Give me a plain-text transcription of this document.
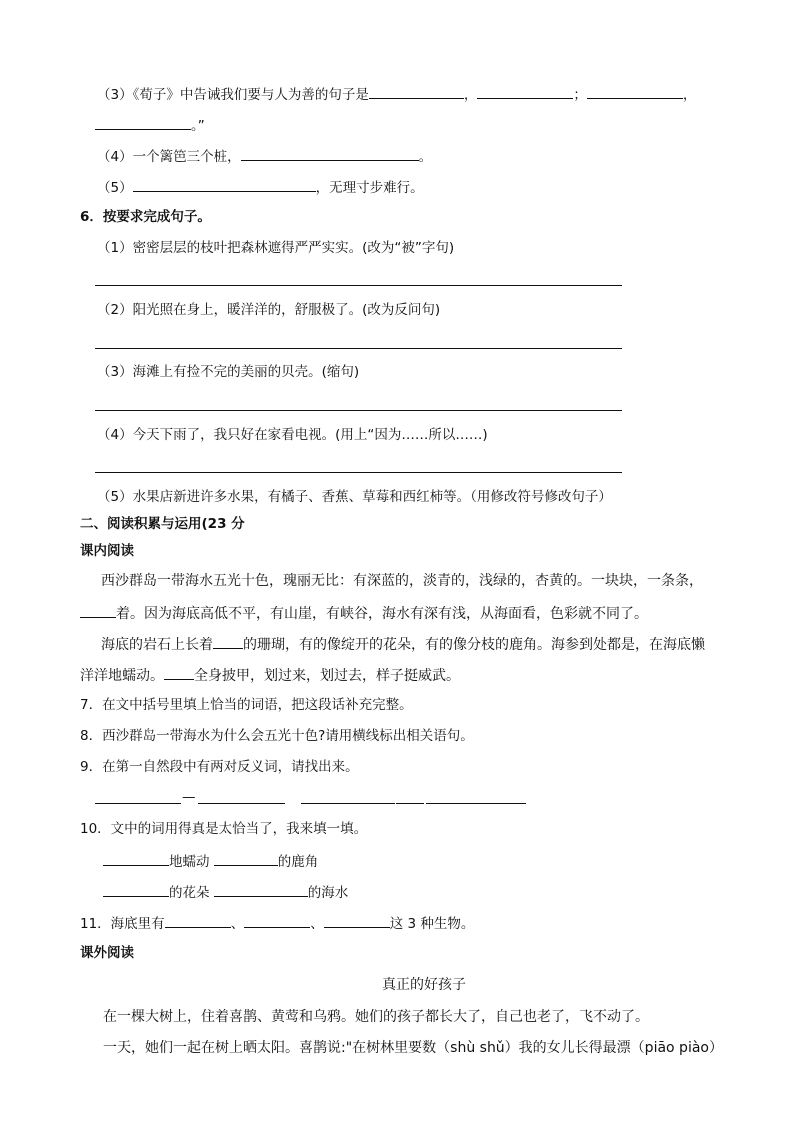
（3）《荀子》中告诫我们要与人为善的句子是	，	；	，
。”
（4）一个篱笆三个桩，	。
（5）	，无理寸步难行。
6．按要求完成句子。
（1）密密层层的枝叶把森林遮得严严实实。(改为“被”字句)
（2）阳光照在身上，暖洋洋的，舒服极了。(改为反问句)
（3）海滩上有捡不完的美丽的贝壳。(缩句)
（4）今天下雨了，我只好在家看电视。(用上“因为……所以……)
（5）水果店新进许多水果，有橘子、香蕉、草莓和西红柿等。（用修改符号修改句子）
二、阅读积累与运用(23 分
课内阅读
西沙群岛一带海水五光十色，瑰丽无比：有深蓝的，淡青的，浅绿的，杏黄的。一块块，一条条，
着。因为海底高低不平，有山崖，有峡谷，海水有深有浅，从海面看，色彩就不同了。
海底的岩石上长着 的珊瑚，有的像绽开的花朵，有的像分枝的鹿角。海参到处都是，在海底懒
洋洋地蠕动。 全身披甲，划过来，划过去，样子挺威武。
7．在文中括号里填上恰当的词语，把这段话补充完整。
8．西沙群岛一带海水为什么会五光十色?请用横线标出相关语句。
9．在第一自然段中有两对反义词，请找出来。
—
10．文中的词用得真是太恰当了，我来填一填。
地蠕动	的鹿角
的花朵	的海水
11．海底里有	、	、	这 3 种生物。
课外阅读
真正的好孩子
在一棵大树上，住着喜鹊、黄莺和乌鸦。她们的孩子都长大了，自己也老了，飞不动了。
一天，她们一起在树上晒太阳。喜鹊说:"在树林里要数（shù shǔ）我的女儿长得最漂（piāo piào）
